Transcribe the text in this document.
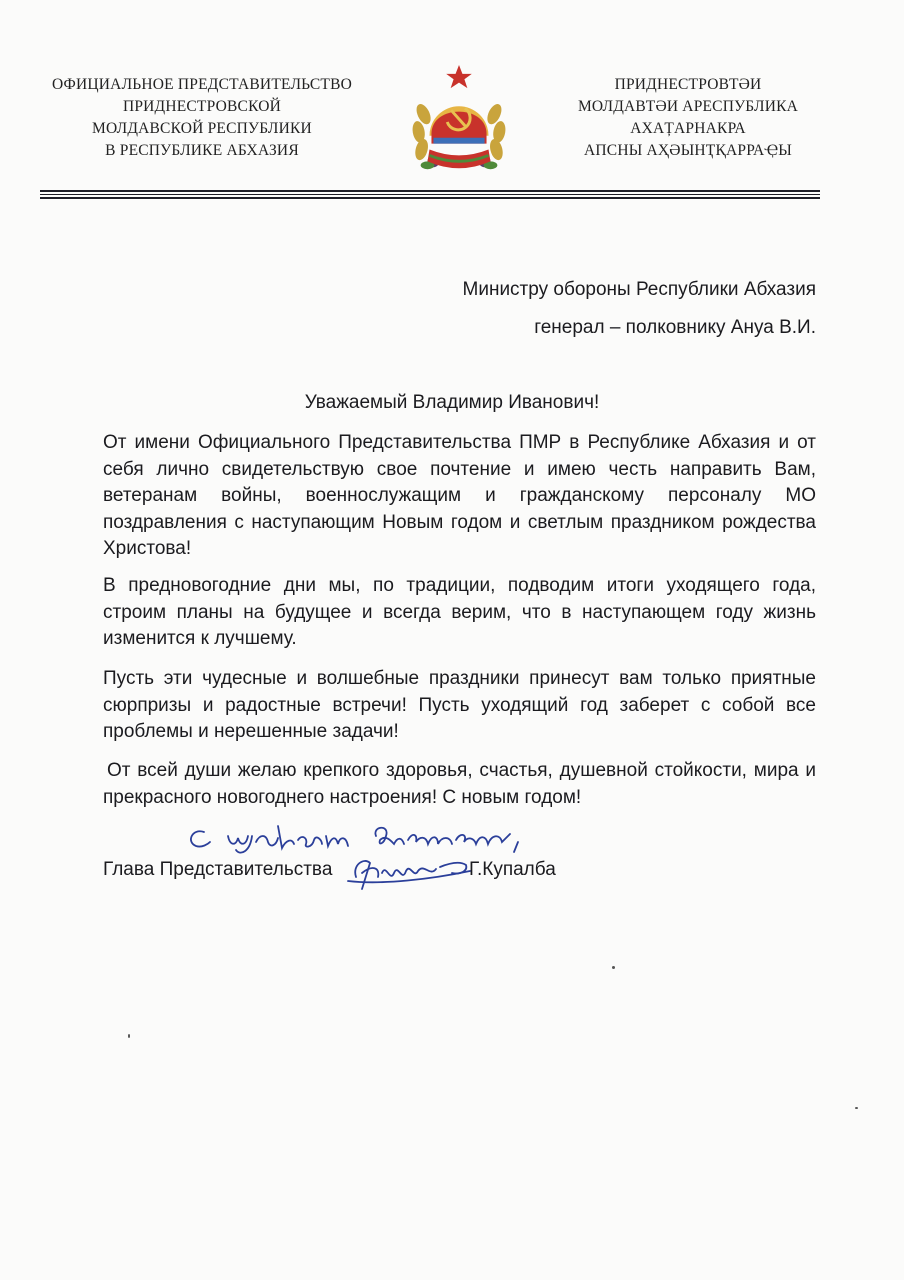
ОФИЦИАЛЬНОЕ ПРЕДСТАВИТЕЛЬСТВО
ПРИДНЕСТРОВСКОЙ
МОЛДАВСКОЙ РЕСПУБЛИКИ
В РЕСПУБЛИКЕ АБХАЗИЯ
ПРИДНЕСТРОВТӘИ
МОЛДАВТӘИ АРЕСПУБЛИКА
АХАȚАРНАКРА
АПСНЫ АҲӘЫНҬҚАРРАҾЫ
Министру обороны Республики Абхазия
генерал – полковнику Ануа В.И.
Уважаемый Владимир Иванович!

От имени Официального Представительства ПМР в Республике Абхазия и от себя лично свидетельствую свое почтение и имею честь направить Вам, ветеранам войны, военнослужащим и гражданскому персоналу МО поздравления с наступающим Новым годом и светлым праздником рождества Христова!

В предновогодние дни мы, по традиции, подводим итоги уходящего года, строим планы на будущее и всегда верим, что в наступающем году жизнь изменится к лучшему.

Пусть эти чудесные и волшебные праздники принесут вам только приятные сюрпризы и радостные встречи! Пусть уходящий год заберет с собой все проблемы и нерешенные задачи!

От всей души желаю крепкого здоровья, счастья, душевной стойкости, мира и прекрасного новогоднего настроения! С новым годом!

Глава Представительства	Г.Купалба
